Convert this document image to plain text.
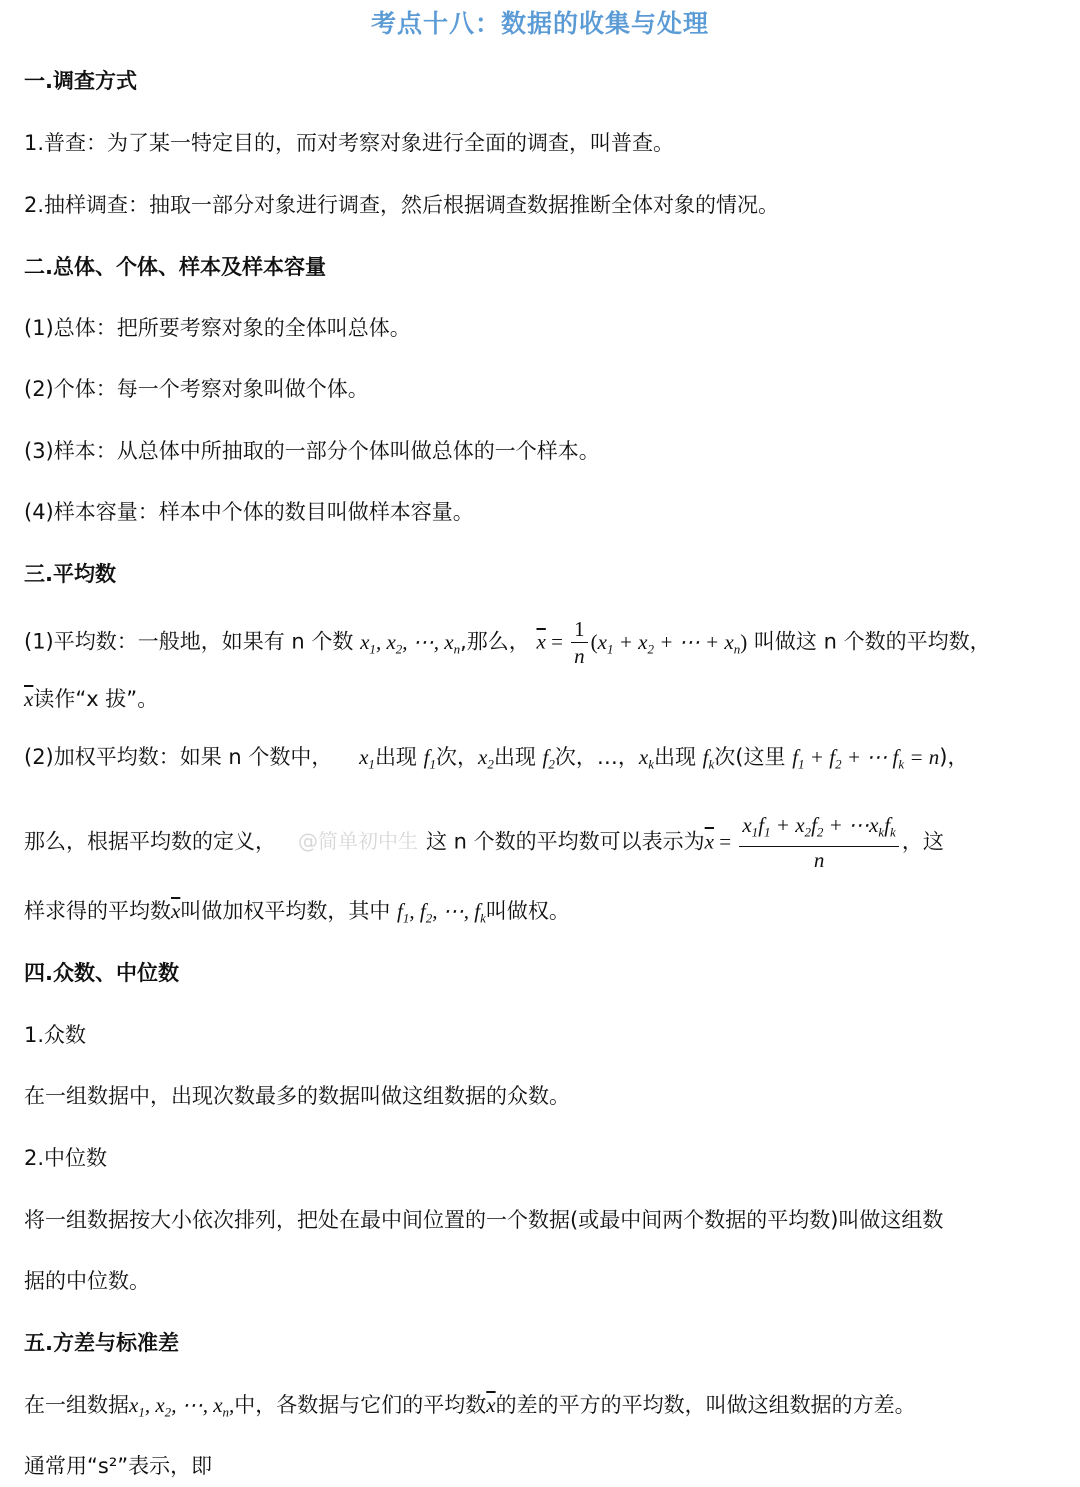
考点十八：数据的收集与处理
一.调查方式
1.普查：为了某一特定目的，而对考察对象进行全面的调查，叫普查。
2.抽样调查：抽取一部分对象进行调查，然后根据调查数据推断全体对象的情况。
二.总体、个体、样本及样本容量
(1)总体：把所要考察对象的全体叫总体。
(2)个体：每一个考察对象叫做个体。
(3)样本：从总体中所抽取的一部分个体叫做总体的一个样本。
(4)样本容量：样本中个体的数目叫做样本容量。
三.平均数
(1)平均数：一般地，如果有 n 个数 $x_1$, $x_2$, ⋯, $x_n$,那么， $\overline{x} = \frac{1}{n} (x_1 + x_2$ + ⋯ + $x_n$) 叫做这 n 个数的平均数，
$\overline{x}$读作“x 拔”。
(2)加权平均数：如果 n 个数中， $x_1$出现 $f_1$次，$x_2$出现 $f_2$次，…，$x_k$出现 $f_k$次(这里 $f_1 + f_2$ + ⋯ $f_k = n$)，
那么，根据平均数的定义， @简单初中生 这 n 个数的平均数可以表示为$\overline{x} = \frac{x_1f_1 + x_2f_2 + \cdots x_kf_k}{n}$ ，这
样求得的平均数$\overline{x}$叫做加权平均数，其中 $f_1$, $f_2$, ⋯, $f_k$叫做权。
四.众数、中位数
1.众数
在一组数据中，出现次数最多的数据叫做这组数据的众数。
2.中位数
将一组数据按大小依次排列，把处在最中间位置的一个数据(或最中间两个数据的平均数)叫做这组数
据的中位数。
五.方差与标准差
在一组数据$x_1$, $x_2$, ⋯, $x_n$,中，各数据与它们的平均数$\overline{x}$的差的平方的平均数，叫做这组数据的方差。
通常用“s²”表示，即
